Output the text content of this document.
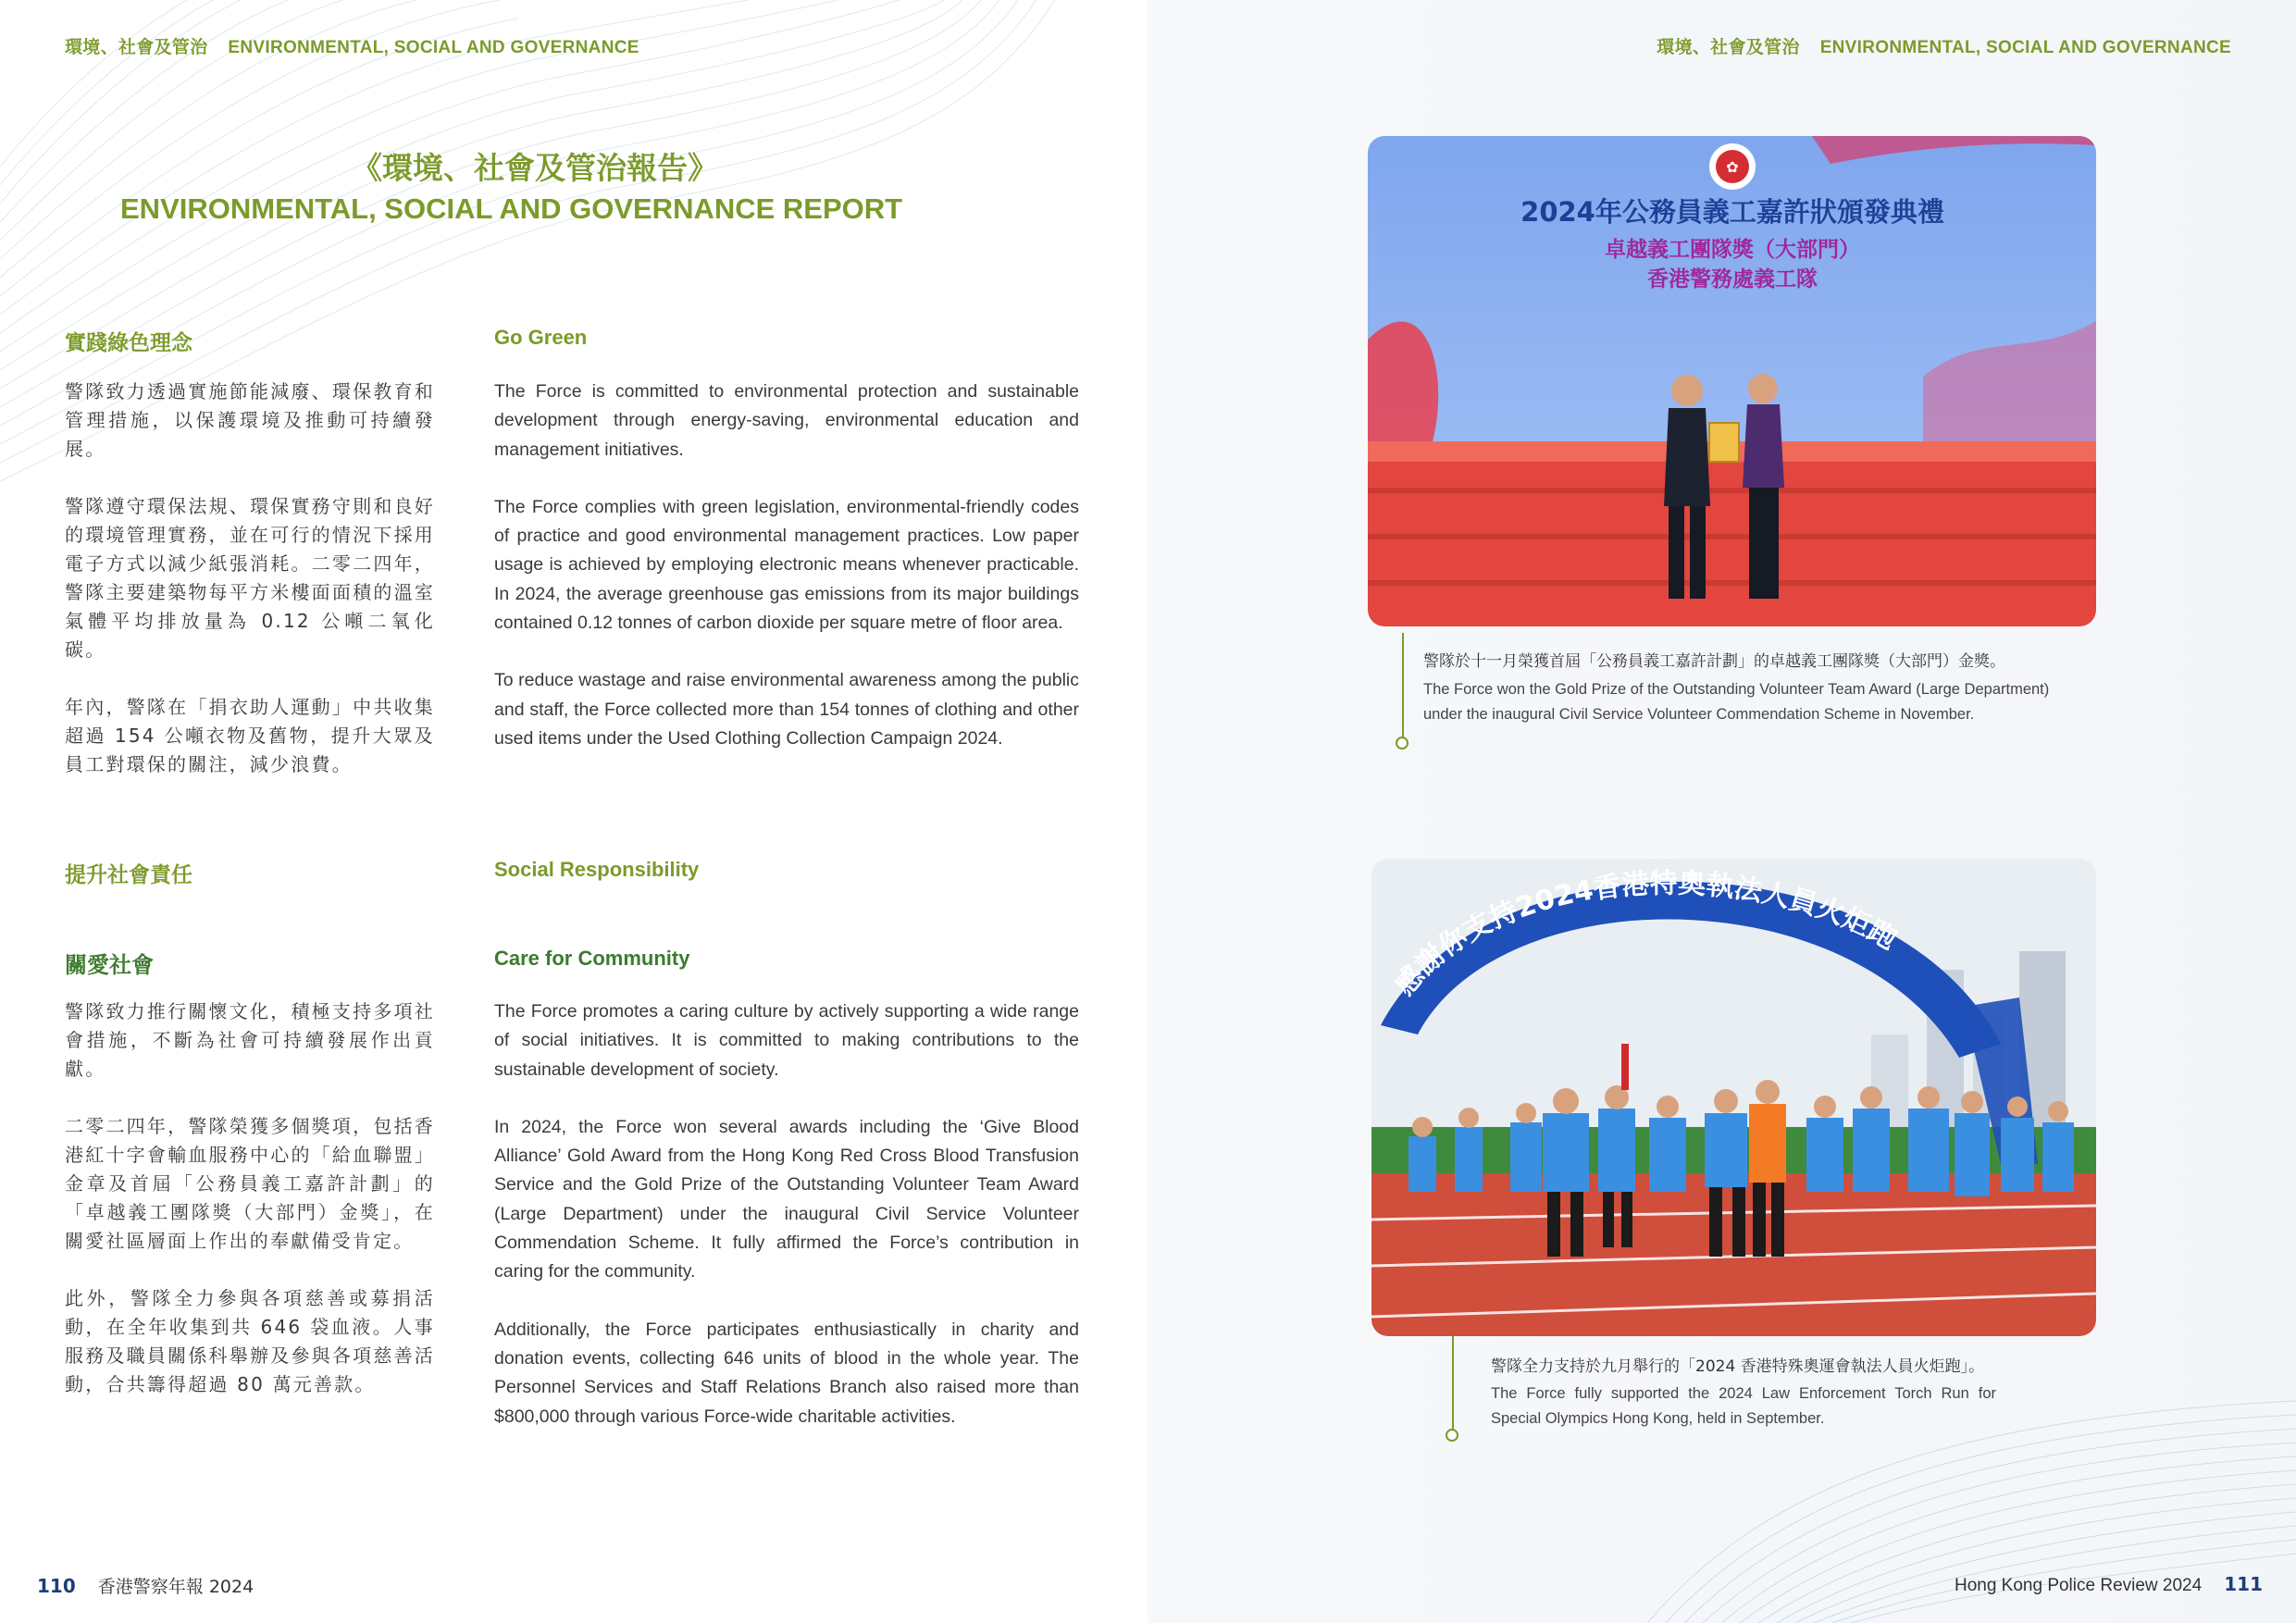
環境、社會及管治 ENVIRONMENTAL, SOCIAL AND GOVERNANCE
《環境、社會及管治報告》
ENVIRONMENTAL, SOCIAL AND GOVERNANCE REPORT
實踐綠色理念	Go Green

警隊致力透過實施節能減廢、環保教育和管理措施，以保護環境及推動可持續發展。

警隊遵守環保法規、環保實務守則和良好的環境管理實務，並在可行的情況下採用電子方式以減少紙張消耗。二零二四年，警隊主要建築物每平方米樓面面積的溫室氣體平均排放量為 0.12 公噸二氧化碳。

年內，警隊在「捐衣助人運動」中共收集超過 154 公噸衣物及舊物，提升大眾及員工對環保的關注，減少浪費。

The Force is committed to environmental protection and sustainable development through energy-saving, environmental education and management initiatives.

The Force complies with green legislation, environmental-friendly codes of practice and good environmental management practices. Low paper usage is achieved by employing electronic means whenever practicable. In 2024, the average greenhouse gas emissions from its major buildings contained 0.12 tonnes of carbon dioxide per square metre of floor area.

To reduce wastage and raise environmental awareness among the public and staff, the Force collected more than 154 tonnes of clothing and other used items under the Used Clothing Collection Campaign 2024.

提升社會責任	Social Responsibility
關愛社會	Care for Community

警隊致力推行關懷文化，積極支持多項社會措施，不斷為社會可持續發展作出貢獻。

二零二四年，警隊榮獲多個獎項，包括香港紅十字會輸血服務中心的「給血聯盟」金章及首屆「公務員義工嘉許計劃」的「卓越義工團隊獎（大部門）金獎」，在關愛社區層面上作出的奉獻備受肯定。

此外，警隊全力參與各項慈善或募捐活動，在全年收集到共 646 袋血液。人事服務及職員關係科舉辦及參與各項慈善活動，合共籌得超過 80 萬元善款。

The Force promotes a caring culture by actively supporting a wide range of social initiatives. It is committed to making contributions to the sustainable development of society.

In 2024, the Force won several awards including the ‘Give Blood Alliance’ Gold Award from the Hong Kong Red Cross Blood Transfusion Service and the Gold Prize of the Outstanding Volunteer Team Award (Large Department) under the inaugural Civil Service Volunteer Commendation Scheme. It fully affirmed the Force’s contribution in caring for the community.

Additionally, the Force participates enthusiastically in charity and donation events, collecting 646 units of blood in the whole year. The Personnel Services and Staff Relations Branch also raised more than $800,000 through various Force-wide charitable activities.

110 香港警察年報 2024
環境、社會及管治 ENVIRONMENTAL, SOCIAL AND GOVERNANCE
✿
2024年公務員義工嘉許狀頒發典禮
卓越義工團隊獎（大部門）
香港警務處義工隊
警隊於十一月榮獲首屆「公務員義工嘉許計劃」的卓越義工團隊獎（大部門）金獎。
The Force won the Gold Prize of the Outstanding Volunteer Team Award (Large Department) under the inaugural Civil Service Volunteer Commendation Scheme in November.
感謝你支持2024香港特奧執法人員火炬跑
警隊全力支持於九月舉行的「2024 香港特殊奧運會執法人員火炬跑」。
The Force fully supported the 2024 Law Enforcement Torch Run for Special Olympics Hong Kong, held in September.
Hong Kong Police Review 2024 111
